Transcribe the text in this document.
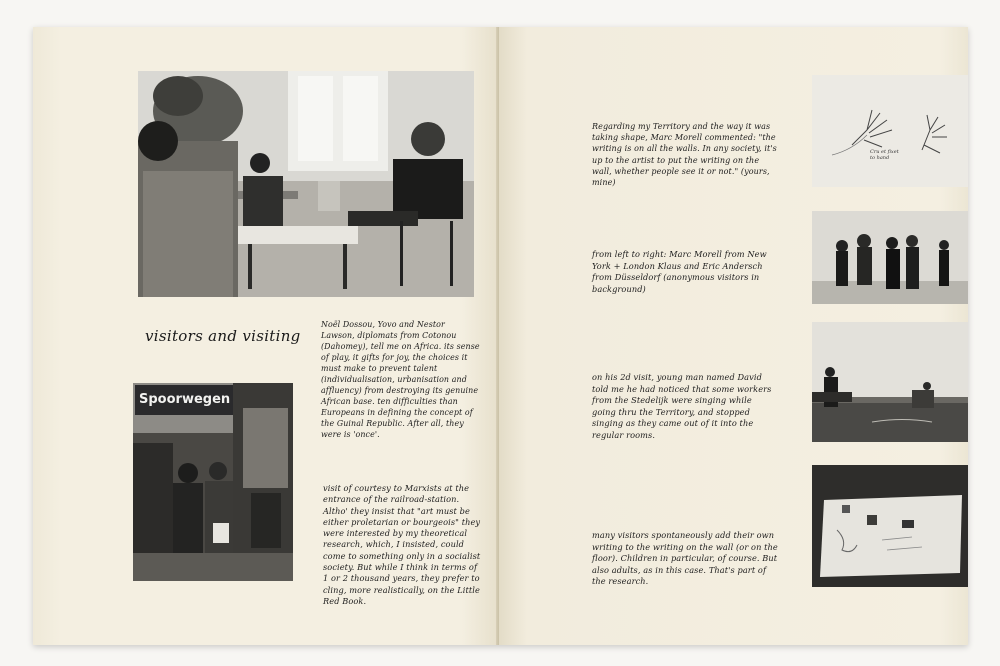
visitors and visiting
Noël Dossou, Yovo and Nestor Lawson, diplomats from Cotonou (Dahomey), tell me on Africa. its sense of play, it gifts for joy, the choices it must make to prevent talent (individualisation, urbanisation and affluency) from destroying its genuine African base. ten difficulties than Europeans in defining the concept of the Guinal Republic. After all, they were is 'once'.
Spoorwegen
visit of courtesy to Marxists at the entrance of the railroad-station. Altho' they insist that "art must be either proletarian or bourgeois" they were interested by my theoretical research, which, I insisted, could come to something only in a socialist society. But while I think in terms of 1 or 2 thousand years, they prefer to cling, more realistically, on the Little Red Book.
Regarding my Territory and the way it was taking shape, Marc Morell commented: "the writing is on all the walls. In any society, it's up to the artist to put the writing on the wall, whether people see it or not." (yours, mine)
Cru et fixet
to hand
from left to right: Marc Morell from New York + London Klaus and Eric Andersch from Düsseldorf (anonymous visitors in background)
on his 2d visit, young man named David told me he had noticed that some workers from the Stedelijk were singing while going thru the Territory, and stopped singing as they came out of it into the regular rooms.
many visitors spontaneously add their own writing to the writing on the wall (or on the floor). Children in particular, of course. But also adults, as in this case. That's part of the research.
